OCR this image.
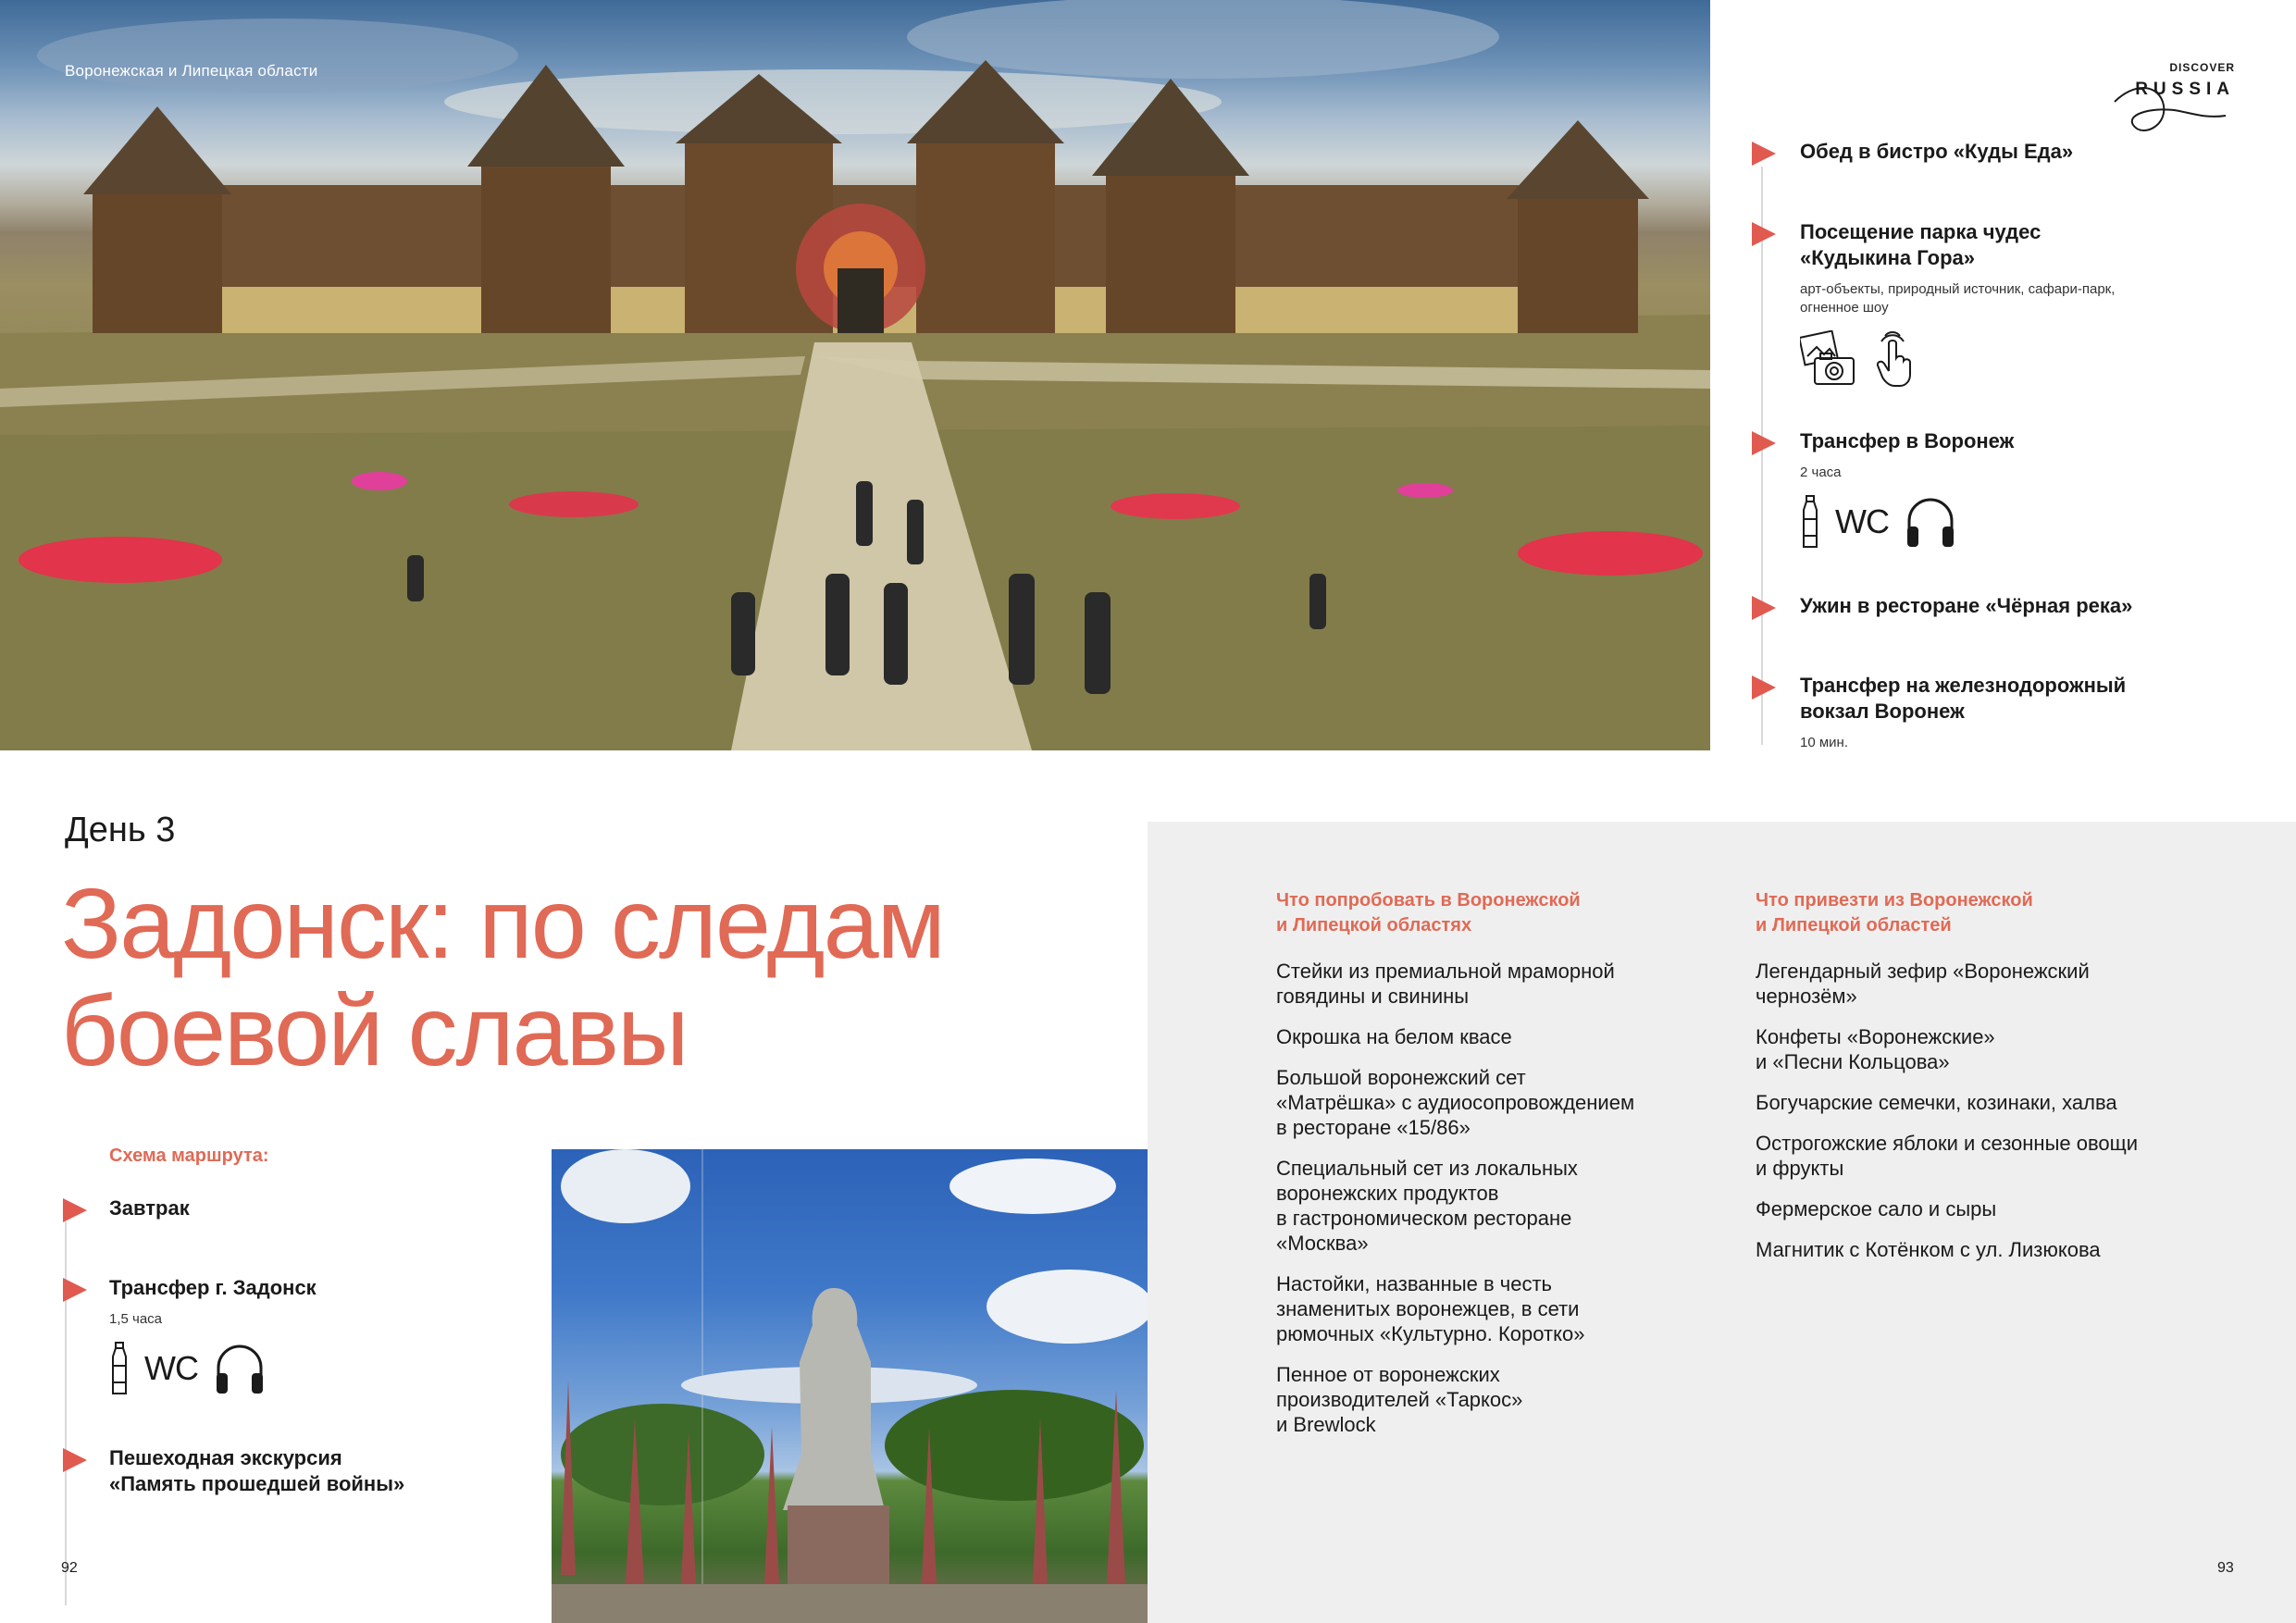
Воронежская и Липецкая области	DISCOVER
RUSSIA
Обед в бистро «Куды Еда»
Посещение парка чудес
«Кудыкина Гора»
арт-объекты, природный источник, сафари-парк,
огненное шоу
Трансфер в Воронеж
2 часа
WC
Ужин в ресторане «Чёрная река»
Трансфер на железнодорожный
вокзал Воронеж
10 мин.
День 3
Задонск: по следам
боевой славы
Схема маршрута:
Завтрак
Трансфер г. Задонск
1,5 часа
WC
Пешеходная экскурсия
«Память прошедшей войны»
92
Что попробовать в Воронежской
и Липецкой областях
Стейки из премиальной мраморной
говядины и свинины
Окрошка на белом квасе
Большой воронежский сет
«Матрёшка» с аудиосопровождением
в ресторане «15/86»
Специальный сет из локальных
воронежских продуктов
в гастрономическом ресторане
«Москва»
Настойки, названные в честь
знаменитых воронежцев, в сети
рюмочных «Культурно. Коротко»
Пенное от воронежских
производителей «Таркос»
и Brewlock
Что привезти из Воронежской
и Липецкой областей
Легендарный зефир «Воронежский
чернозём»
Конфеты «Воронежские»
и «Песни Кольцова»
Богучарские семечки, козинаки, халва
Острогожские яблоки и сезонные овощи
и фрукты
Фермерское сало и сыры
Магнитик с Котёнком с ул. Лизюкова
93
